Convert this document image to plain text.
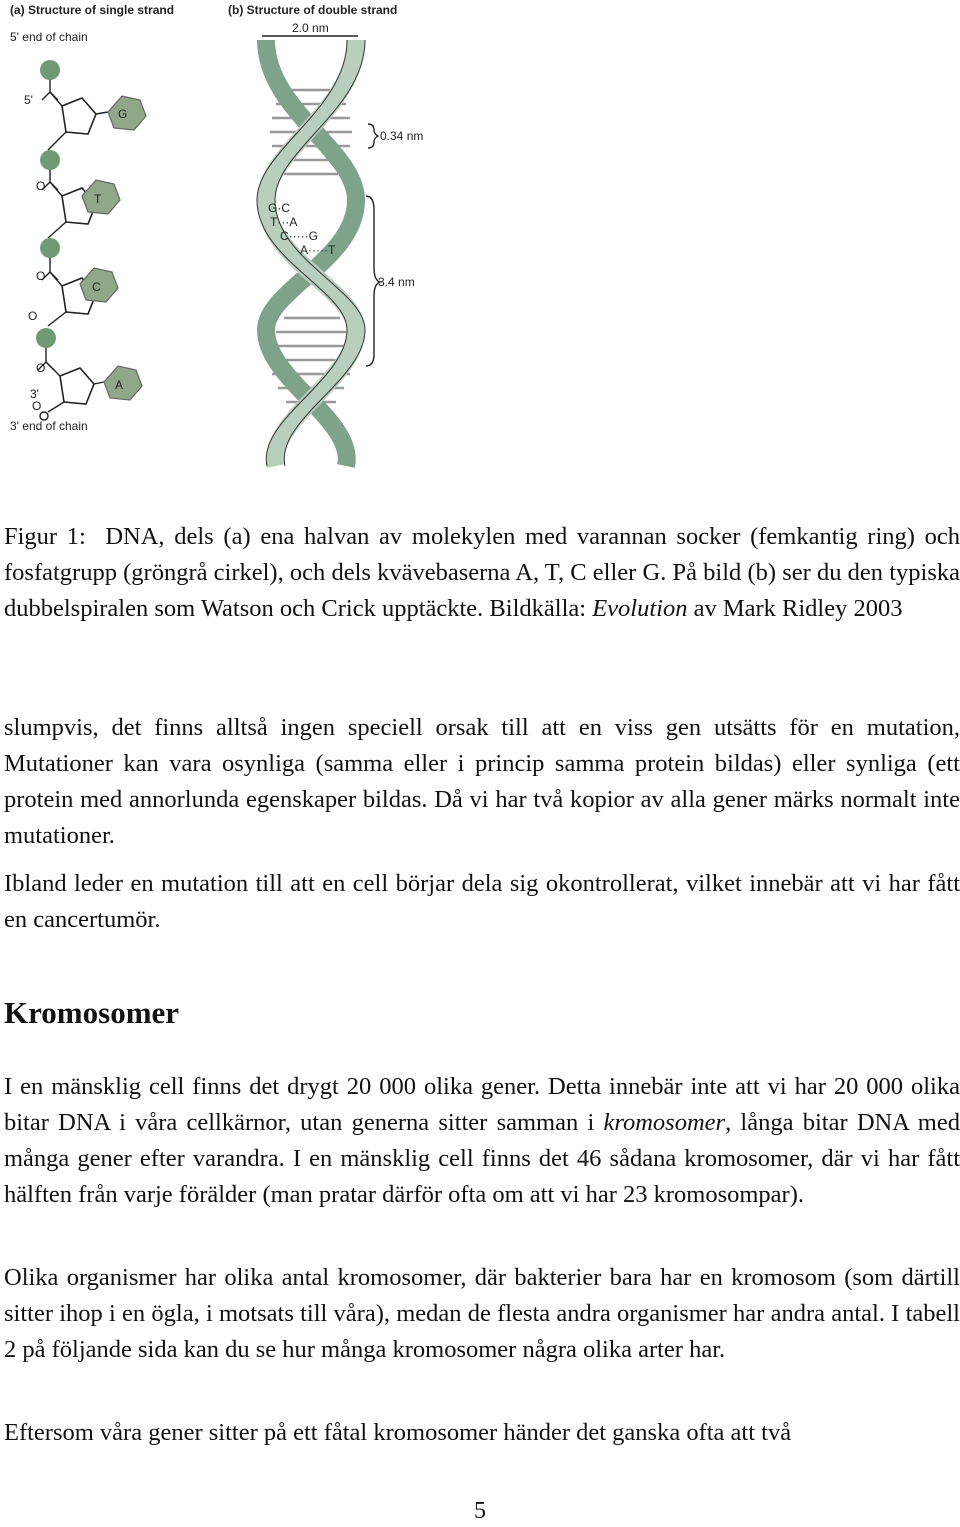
(a) Structure of single strand	(b) Structure of double strand
5' end of chain
3' end of chain
5'
G
T
C
3'
A
2.0 nm
G·C
T···A
C·····G
A·····T
0.34 nm
3.4 nm
O
O
O
O
O

Figur 1: DNA, dels (a) ena halvan av molekylen med varannan socker (femkantig ring) och fosfatgrupp (gröngrå cirkel), och dels kvävebaserna A, T, C eller G. På bild (b) ser du den typiska dubbelspiralen som Watson och Crick upptäckte. Bildkälla: Evolution av Mark Ridley 2003

slumpvis, det finns alltså ingen speciell orsak till att en viss gen utsätts för en mutation, Mutationer kan vara osynliga (samma eller i princip samma protein bildas) eller synliga (ett protein med annorlunda egenskaper bildas. Då vi har två kopior av alla gener märks normalt inte mutationer.

Ibland leder en mutation till att en cell börjar dela sig okontrollerat, vilket innebär att vi har fått en cancertumör.

Kromosomer

I en mänsklig cell finns det drygt 20 000 olika gener. Detta innebär inte att vi har 20 000 olika bitar DNA i våra cellkärnor, utan generna sitter samman i kromosomer, långa bitar DNA med många gener efter varandra. I en mänsklig cell finns det 46 sådana kromosomer, där vi har fått hälften från varje förälder (man pratar därför ofta om att vi har 23 kromosompar).

Olika organismer har olika antal kromosomer, där bakterier bara har en kromosom (som därtill sitter ihop i en ögla, i motsats till våra), medan de flesta andra organismer har andra antal. I tabell 2 på följande sida kan du se hur många kromosomer några olika arter har.

Eftersom våra gener sitter på ett fåtal kromosomer händer det ganska ofta att två

5
